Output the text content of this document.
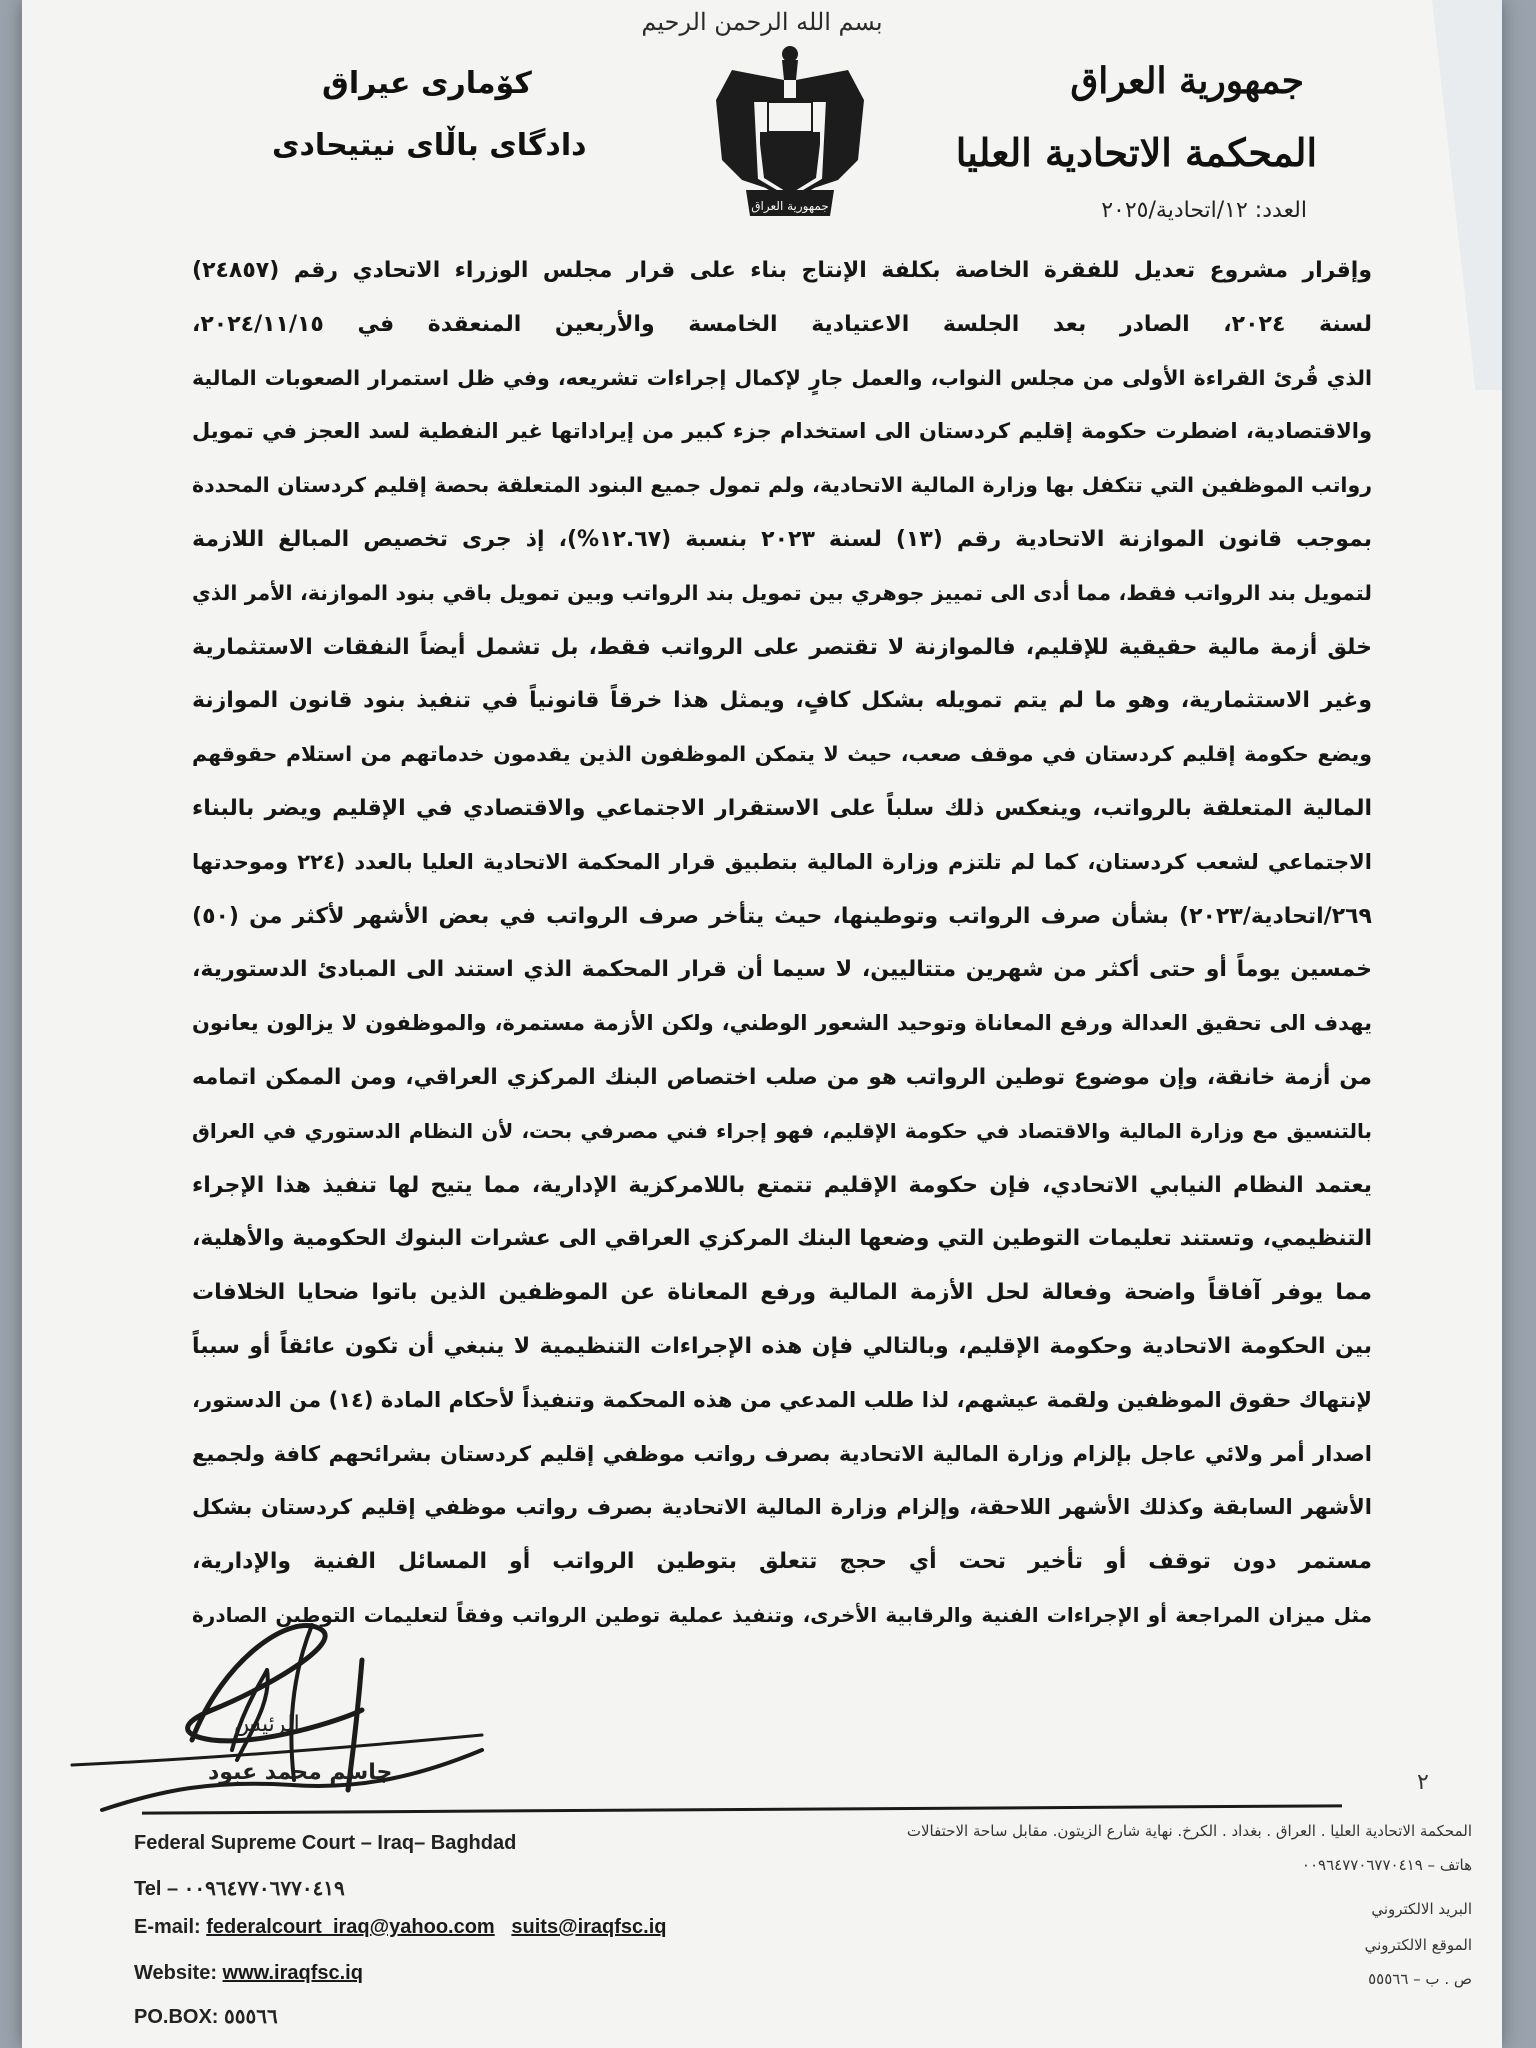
بسم الله الرحمن الرحيم
جمهورية العراق
المحكمة الاتحادية العليا
العدد: ١٢/اتحادية/٢٠٢٥
كۆمارى عيراق
دادگاى باڵاى نيتيحادى
جمهورية العراق
وإقرار مشروع تعديل للفقرة الخاصة بكلفة الإنتاج بناء على قرار مجلس الوزراء الاتحادي رقم (٢٤٨٥٧)
لسنة ٢٠٢٤، الصادر بعد الجلسة الاعتيادية الخامسة والأربعين المنعقدة في ٢٠٢٤/١١/١٥،
الذي قُرئ القراءة الأولى من مجلس النواب، والعمل جارٍ لإكمال إجراءات تشريعه، وفي ظل استمرار الصعوبات المالية
والاقتصادية، اضطرت حكومة إقليم كردستان الى استخدام جزء كبير من إيراداتها غير النفطية لسد العجز في تمويل
رواتب الموظفين التي تتكفل بها وزارة المالية الاتحادية، ولم تمول جميع البنود المتعلقة بحصة إقليم كردستان المحددة
بموجب قانون الموازنة الاتحادية رقم (١٣) لسنة ٢٠٢٣ بنسبة (١٢.٦٧%)، إذ جرى تخصيص المبالغ اللازمة
لتمويل بند الرواتب فقط، مما أدى الى تمييز جوهري بين تمويل بند الرواتب وبين تمويل باقي بنود الموازنة، الأمر الذي
خلق أزمة مالية حقيقية للإقليم، فالموازنة لا تقتصر على الرواتب فقط، بل تشمل أيضاً النفقات الاستثمارية
وغير الاستثمارية، وهو ما لم يتم تمويله بشكل كافٍ، ويمثل هذا خرقاً قانونياً في تنفيذ بنود قانون الموازنة
ويضع حكومة إقليم كردستان في موقف صعب، حيث لا يتمكن الموظفون الذين يقدمون خدماتهم من استلام حقوقهم
المالية المتعلقة بالرواتب، وينعكس ذلك سلباً على الاستقرار الاجتماعي والاقتصادي في الإقليم ويضر بالبناء
الاجتماعي لشعب كردستان، كما لم تلتزم وزارة المالية بتطبيق قرار المحكمة الاتحادية العليا بالعدد (٢٢٤ وموحدتها
٢٦٩/اتحادية/٢٠٢٣) بشأن صرف الرواتب وتوطينها، حيث يتأخر صرف الرواتب في بعض الأشهر لأكثر من (٥٠)
خمسين يوماً أو حتى أكثر من شهرين متتاليين، لا سيما أن قرار المحكمة الذي استند الى المبادئ الدستورية،
يهدف الى تحقيق العدالة ورفع المعاناة وتوحيد الشعور الوطني، ولكن الأزمة مستمرة، والموظفون لا يزالون يعانون
من أزمة خانقة، وإن موضوع توطين الرواتب هو من صلب اختصاص البنك المركزي العراقي، ومن الممكن اتمامه
بالتنسيق مع وزارة المالية والاقتصاد في حكومة الإقليم، فهو إجراء فني مصرفي بحت، لأن النظام الدستوري في العراق
يعتمد النظام النيابي الاتحادي، فإن حكومة الإقليم تتمتع باللامركزية الإدارية، مما يتيح لها تنفيذ هذا الإجراء
التنظيمي، وتستند تعليمات التوطين التي وضعها البنك المركزي العراقي الى عشرات البنوك الحكومية والأهلية،
مما يوفر آفاقاً واضحة وفعالة لحل الأزمة المالية ورفع المعاناة عن الموظفين الذين باتوا ضحايا الخلافات
بين الحكومة الاتحادية وحكومة الإقليم، وبالتالي فإن هذه الإجراءات التنظيمية لا ينبغي أن تكون عائقاً أو سبباً
لإنتهاك حقوق الموظفين ولقمة عيشهم، لذا طلب المدعي من هذه المحكمة وتنفيذاً لأحكام المادة (١٤) من الدستور،
اصدار أمر ولائي عاجل بإلزام وزارة المالية الاتحادية بصرف رواتب موظفي إقليم كردستان بشرائحهم كافة ولجميع
الأشهر السابقة وكذلك الأشهر اللاحقة، وإلزام وزارة المالية الاتحادية بصرف رواتب موظفي إقليم كردستان بشكل
مستمر دون توقف أو تأخير تحت أي حجج تتعلق بتوطين الرواتب أو المسائل الفنية والإدارية،
مثل ميزان المراجعة أو الإجراءات الفنية والرقابية الأخرى، وتنفيذ عملية توطين الرواتب وفقاً لتعليمات التوطين الصادرة
الرئيس
جاسم محمد عبود	٢
Federal Supreme Court – Iraq– Baghdad
Tel – ٠٠٩٦٤٧٧٠٦٧٧٠٤١٩
E-mail: federalcourt_iraq@yahoo.com suits@iraqfsc.iq
Website: www.iraqfsc.iq
PO.BOX: ٥٥٥٦٦
المحكمة الاتحادية العليا . العراق . بغداد . الكرخ. نهاية شارع الزيتون. مقابل ساحة الاحتفالات
هاتف – ٠٠٩٦٤٧٧٠٦٧٧٠٤١٩
البريد الالكتروني
الموقع الالكتروني
ص . ب – ٥٥٥٦٦
